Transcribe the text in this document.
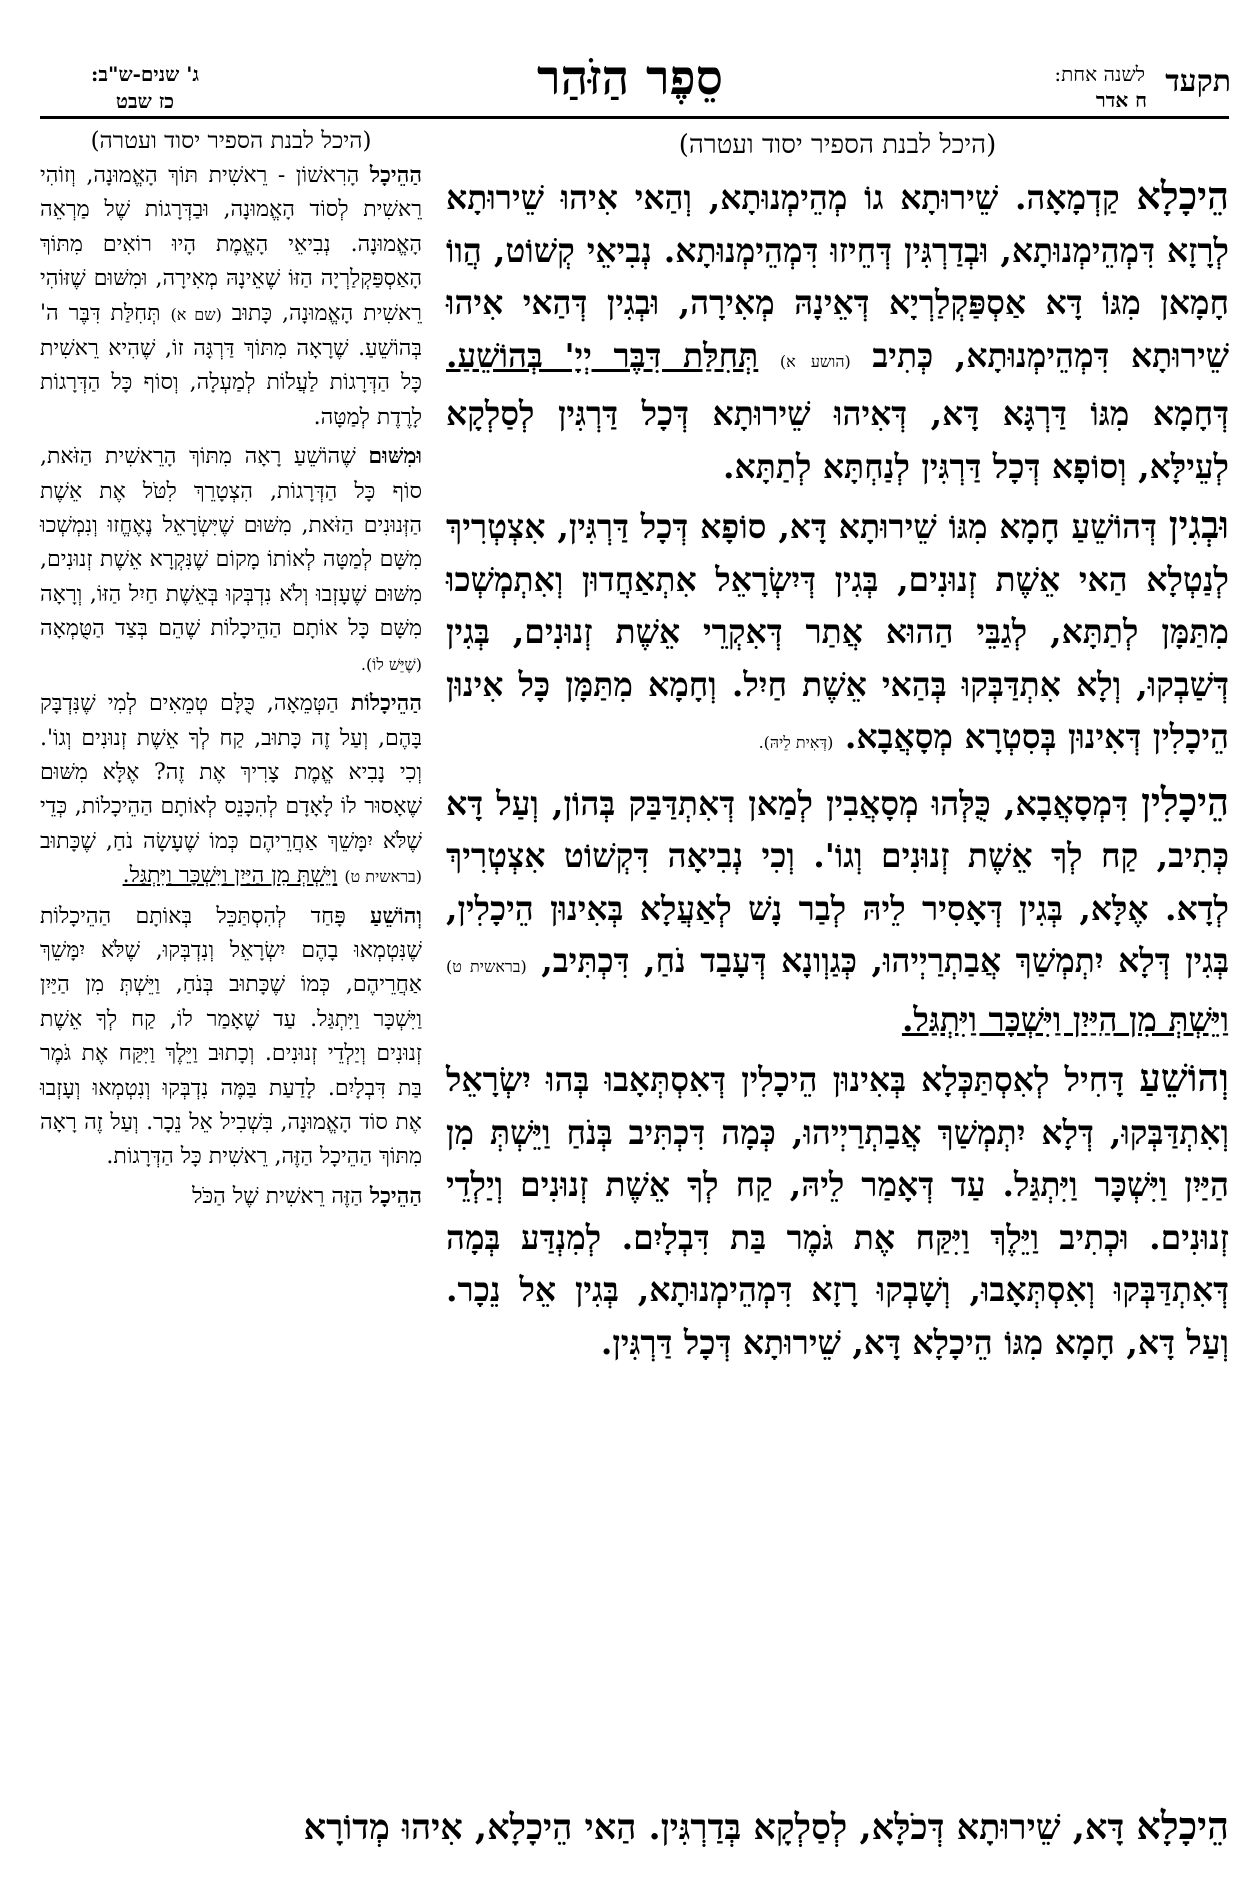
תקעד
לשנה אחת:
ח אדר
סֵפֶר הַזֹּהַר
ג' שנים-ש"ב:
כז שבט
(היכל לבנת הספיר יסוד ועטרה)

הֵיכָלָא קַדְמָאָה. שֵׁירוּתָא גוֹ מְהֵימְנוּתָא, וְהַאי אִיהוּ שֵׁירוּתָא לְרָזָא דִּמְהֵימְנוּתָא, וּבְדַרְגִּין דְּחֵיזוּ דִּמְהֵימְנוּתָא. נְבִיאֵי קְשׁוֹט, הֲווֹ חָמָאן מִגּוֹ דָּא אַסְפַּקְלַרְיָא דְּאֵינָהּ מְאִירָה, וּבְגִין דְּהַאי אִיהוּ שֵׁירוּתָא דִּמְהֵימְנוּתָא, כְּתִיב (הושע א) תְּחִלַּת דִּבֶּר יְיָ' בְּהוֹשֵׁעַ. דְּחָמָא מִגּוֹ דַּרְגָּא דָּא, דְּאִיהוּ שֵׁירוּתָא דְּכָל דַּרְגִּין לְסַלְקָא לְעֵילָּא, וְסוֹפָא דְּכָל דַּרְגִּין לְנַחְתָּא לְתַתָּא.

וּבְגִין דְּהוֹשֵׁעַ חָמָא מִגּוֹ שֵׁירוּתָא דָּא, סוֹפָא דְּכָל דַּרְגִּין, אִצְטְרִיךְ לְנַטְלָא הַאי אֵשֶׁת זְנוּנִים, בְּגִין דְּיִשְׂרָאֵל אִתְאַחֲדוּן וְאִתְמְשְׁכוּ מִתַּמָּן לְתַתָּא, לְגַבֵּי הַהוּא אֲתַר דְּאִקְרֵי אֵשֶׁת זְנוּנִים, בְּגִין דְּשַׁבְקוּ, וְלָא אִתְדַּבְּקוּ בְּהַאי אֵשֶׁת חַיִל. וְחָמָא מִתַּמָּן כָּל אִינוּן הֵיכָלִין דְּאִינוּן בְּסִטְרָא מְסָאֲבָא. (דְּאִית לֵיהּ).

הֵיכָלִין דִּמְסָאֲבָא, כֻּלְּהוּ מְסָאֲבִין לְמַאן דְּאִתְדַּבַּק בְּהוֹן, וְעַל דָּא כְּתִיב, קַח לְךָ אֵשֶׁת זְנוּנִים וְגוֹ'. וְכִי נְבִיאָה דִּקְשׁוֹט אִצְטְרִיךְ לְדָא. אֶלָּא, בְּגִין דְּאָסִיר לֵיהּ לְבַר נָשׁ לְאַעֲלָא בְּאִינוּן הֵיכָלִין, בְּגִין דְּלָא יִתְמְשַׁךְ אֲבַתְרַיְיהוּ, כְּגַוְונָא דְּעָבַד נֹחַ, דִּכְתִּיב, (בראשית ט) וַיֵּשְׁתְּ מִן הַיַּיִן וַיִּשְׁכָּר וַיִּתְגַּל.

וְהוֹשֵׁעַ דָּחִיל לְאִסְתַּכְּלָא בְּאִינוּן הֵיכָלִין דְּאִסְתְּאָבוּ בְּהוּ יִשְׂרָאֵל וְאִתְדַּבְּקוּ, דְּלָא יִתְמְשַׁךְ אֲבַתְרַיְיהוּ, כְּמָה דִּכְתִּיב בְּנֹחַ וַיֵּשְׁתְּ מִן הַיַּיִן וַיִּשְׁכָּר וַיִּתְגַּל. עַד דְּאָמַר לֵיהּ, קַח לְךָ אֵשֶׁת זְנוּנִים וְיַלְדֵי זְנוּנִים. וּכְתִיב וַיֵּלֶךְ וַיִּקַּח אֶת גֹּמֶר בַּת דִּבְלָיִם. לְמִנְדַּע בְּמָה דְּאִתְדַּבְּקוּ וְאִסְתְּאָבוּ, וְשָׁבְקוּ רָזָא דִּמְהֵימְנוּתָא, בְּגִין אֵל נֵכָר. וְעַל דָּא, חָמָא מִגּוֹ הֵיכָלָא דָּא, שֵׁירוּתָא דְּכָל דַּרְגִּין.

(היכל לבנת הספיר יסוד ועטרה)

הַהֵיכָל הָרִאשׁוֹן - רֵאשִׁית תּוֹךְ הָאֱמוּנָה, וְזוֹהִי רֵאשִׁית לְסוֹד הָאֱמוּנָה, וּבַדְּרָגוֹת שֶׁל מַרְאֵה הָאֱמוּנָה. נְבִיאֵי הָאֱמֶת הָיוּ רוֹאִים מִתּוֹךְ הָאַסְפַּקְלַרְיָה הַזּוֹ שֶׁאֵינָהּ מְאִירָה, וּמִשּׁוּם שֶׁזּוֹהִי רֵאשִׁית הָאֱמוּנָה, כָּתוּב (שם א) תְּחִלַּת דִּבֶּר ה' בְּהוֹשֵׁעַ. שֶׁרָאָה מִתּוֹךְ דַּרְגָּה זוֹ, שֶׁהִיא רֵאשִׁית כָּל הַדְּרָגוֹת לַעֲלוֹת לְמַעְלָה, וְסוֹף כָּל הַדְּרָגוֹת לָרֶדֶת לְמַטָּה.

וּמִשּׁוּם שֶׁהוֹשֵׁעַ רָאָה מִתּוֹךְ הָרֵאשִׁית הַזֹּאת, סוֹף כָּל הַדְּרָגוֹת, הִצְטָרֵךְ לִטֹּל אֶת אֵשֶׁת הַזְּנוּנִים הַזֹּאת, מִשּׁוּם שֶׁיִּשְׂרָאֵל נֶאֶחֱזוּ וְנִמְשְׁכוּ מִשָּׁם לְמַטָּה לְאוֹתוֹ מָקוֹם שֶׁנִּקְרָא אֵשֶׁת זְנוּנִים, מִשּׁוּם שֶׁעָזְבוּ וְלֹא נִדְבְּקוּ בְּאֵשֶׁת חַיִל הַזּוֹ, וְרָאָה מִשָּׁם כָּל אוֹתָם הַהֵיכָלוֹת שֶׁהֵם בְּצַד הַטֻּמְאָה (שֶׁיֵּשׁ לוֹ).

הַהֵיכָלוֹת הַטְּמֵאָה, כֻּלָּם טְמֵאִים לְמִי שֶׁנִּדְבָּק בָּהֶם, וְעַל זֶה כָּתוּב, קַח לְךָ אֵשֶׁת זְנוּנִים וְגוֹ'. וְכִי נָבִיא אֱמֶת צָרִיךְ אֶת זֶה? אֶלָּא מִשּׁוּם שֶׁאָסוּר לוֹ לָאָדָם לְהִכָּנֵס לְאוֹתָם הַהֵיכָלוֹת, כְּדֵי שֶׁלֹּא יִמָּשֵׁךְ אַחֲרֵיהֶם כְּמוֹ שֶׁעָשָׂה נֹחַ, שֶׁכָּתוּב (בראשית ט) וַיֵּשְׁתְּ מִן הַיַּיִן וַיִּשְׁכָּר וַיִּתְגַּל.

וְהוֹשֵׁעַ פָּחַד לְהִסְתַּכֵּל בְּאוֹתָם הַהֵיכָלוֹת שֶׁנִּטְמְאוּ בָהֶם יִשְׂרָאֵל וְנִדְבְּקוּ, שֶׁלֹּא יִמָּשֵׁךְ אַחֲרֵיהֶם, כְּמוֹ שֶׁכָּתוּב בְּנֹחַ, וַיֵּשְׁתְּ מִן הַיַּיִן וַיִּשְׁכָּר וַיִּתְגַּל. עַד שֶׁאָמַר לוֹ, קַח לְךָ אֵשֶׁת זְנוּנִים וְיַלְדֵי זְנוּנִים. וְכָתוּב וַיֵּלֶךְ וַיִּקַּח אֶת גֹּמֶר בַּת דִּבְלָיִם. לָדַעַת בַּמֶּה נִדְבְּקוּ וְנִטְמְאוּ וְעָזְבוּ אֶת סוֹד הָאֱמוּנָה, בִּשְׁבִיל אֵל נֵכָר. וְעַל זֶה רָאָה מִתּוֹךְ הַהֵיכָל הַזֶּה, רֵאשִׁית כָּל הַדְּרָגוֹת.

הַהֵיכָל הַזֶּה רֵאשִׁית שֶׁל הַכֹּל

הֵיכָלָא דָּא, שֵׁירוּתָא דְּכֹלָּא, לְסַלְקָא בְּדַרְגִּין. הַאי הֵיכָלָא, אִיהוּ מְדוֹרָא
